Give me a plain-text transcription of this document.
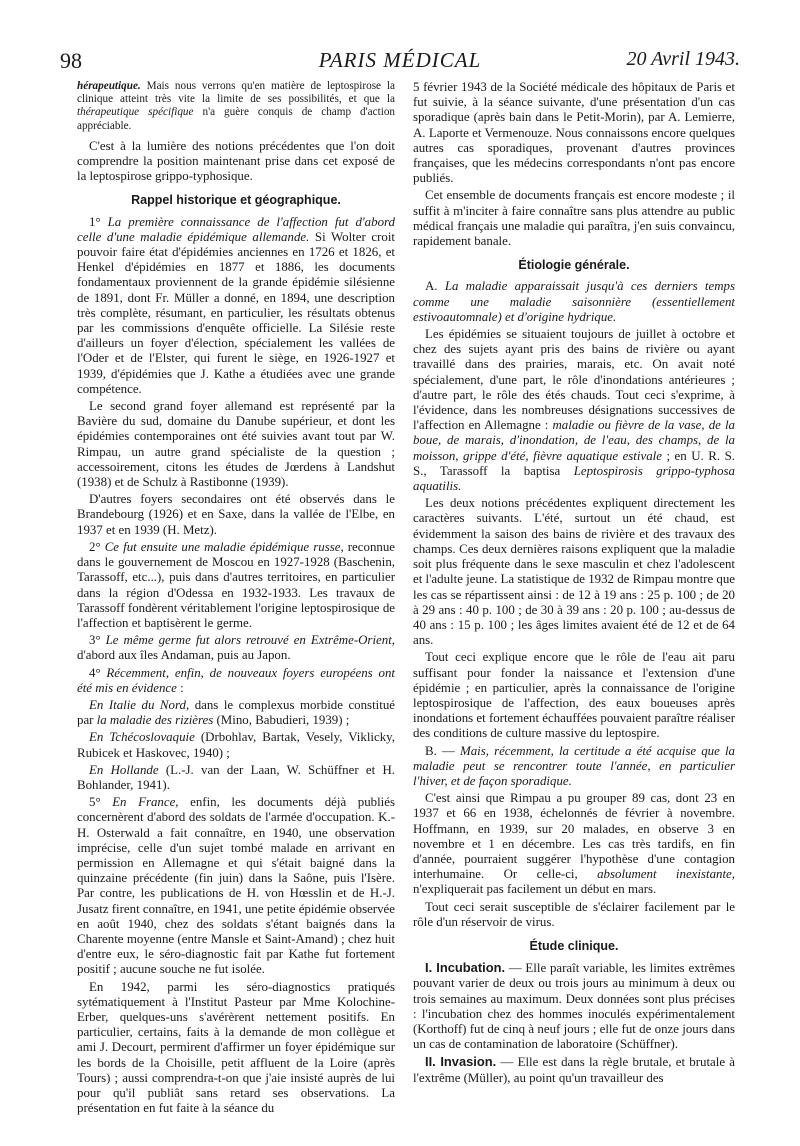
98	PARIS MÉDICAL	20 Avril 1943.

hérapeutique. Mais nous verrons qu'en matière de leptospirose la clinique atteint très vite la limite de ses possibilités, et que la thérapeutique spécifique n'a guère conquis de champ d'action appréciable.

C'est à la lumière des notions précédentes que l'on doit comprendre la position maintenant prise dans cet exposé de la leptospirose grippo-typhosique.

Rappel historique et géographique.

1° La première connaissance de l'affection fut d'abord celle d'une maladie épidémique allemande. Si Wolter croit pouvoir faire état d'épidémies anciennes en 1726 et 1826, et Henkel d'épidémies en 1877 et 1886, les documents fondamentaux proviennent de la grande épidémie silésienne de 1891, dont Fr. Müller a donné, en 1894, une description très complète, résumant, en particulier, les résultats obtenus par les commissions d'enquête officielle. La Silésie reste d'ailleurs un foyer d'élection, spécialement les vallées de l'Oder et de l'Elster, qui furent le siège, en 1926-1927 et 1939, d'épidémies que J. Kathe a étudiées avec une grande compétence.

Le second grand foyer allemand est représenté par la Bavière du sud, domaine du Danube supérieur, et dont les épidémies contemporaines ont été suivies avant tout par W. Rimpau, un autre grand spécialiste de la question ; accessoirement, citons les études de Jœrdens à Landshut (1938) et de Schulz à Rastibonne (1939).

D'autres foyers secondaires ont été observés dans le Brandebourg (1926) et en Saxe, dans la vallée de l'Elbe, en 1937 et en 1939 (H. Metz).

2° Ce fut ensuite une maladie épidémique russe, reconnue dans le gouvernement de Moscou en 1927-1928 (Baschenin, Tarassoff, etc...), puis dans d'autres territoires, en particulier dans la région d'Odessa en 1932-1933. Les travaux de Tarassoff fondèrent véritablement l'origine leptospirosique de l'affection et baptisèrent le germe.

3° Le même germe fut alors retrouvé en Extrême-Orient, d'abord aux îles Andaman, puis au Japon.

4° Récemment, enfin, de nouveaux foyers européens ont été mis en évidence :

En Italie du Nord, dans le complexus morbide constitué par la maladie des rizières (Mino, Babudieri, 1939) ;

En Tchécoslovaquie (Drbohlav, Bartak, Vesely, Viklicky, Rubicek et Haskovec, 1940) ;

En Hollande (L.-J. van der Laan, W. Schüffner et H. Bohlander, 1941).

5° En France, enfin, les documents déjà publiés concernèrent d'abord des soldats de l'armée d'occupation. K.-H. Osterwald a fait connaître, en 1940, une observation imprécise, celle d'un sujet tombé malade en arrivant en permission en Allemagne et qui s'était baigné dans la quinzaine précédente (fin juin) dans la Saône, puis l'Isère. Par contre, les publications de H. von Hœsslin et de H.-J. Jusatz firent connaître, en 1941, une petite épidémie observée en août 1940, chez des soldats s'étant baignés dans la Charente moyenne (entre Mansle et Saint-Amand) ; chez huit d'entre eux, le séro-diagnostic fait par Kathe fut fortement positif ; aucune souche ne fut isolée.

En 1942, parmi les séro-diagnostics pratiqués sytématiquement à l'Institut Pasteur par Mme Kolochine-Erber, quelques-uns s'avérèrent nettement positifs. En particulier, certains, faits à la demande de mon collègue et ami J. Decourt, permirent d'affirmer un foyer épidémique sur les bords de la Choisille, petit affluent de la Loire (après Tours) ; aussi comprendra-t-on que j'aie insisté auprès de lui pour qu'il publiât sans retard ses observations. La présentation en fut faite à la séance du

5 février 1943 de la Société médicale des hôpitaux de Paris et fut suivie, à la séance suivante, d'une présentation d'un cas sporadique (après bain dans le Petit-Morin), par A. Lemierre, A. Laporte et Vermenouze. Nous connaissons encore quelques autres cas sporadiques, provenant d'autres provinces françaises, que les médecins correspondants n'ont pas encore publiés.

Cet ensemble de documents français est encore modeste ; il suffit à m'inciter à faire connaître sans plus attendre au public médical français une maladie qui paraîtra, j'en suis convaincu, rapidement banale.

Étiologie générale.

A. La maladie apparaissait jusqu'à ces derniers temps comme une maladie saisonnière (essentiellement estivoautomnale) et d'origine hydrique.

Les épidémies se situaient toujours de juillet à octobre et chez des sujets ayant pris des bains de rivière ou ayant travaillé dans des prairies, marais, etc. On avait noté spécialement, d'une part, le rôle d'inondations antérieures ; d'autre part, le rôle des étés chauds. Tout ceci s'exprime, à l'évidence, dans les nombreuses désignations successives de l'affection en Allemagne : maladie ou fièvre de la vase, de la boue, de marais, d'inondation, de l'eau, des champs, de la moisson, grippe d'été, fièvre aquatique estivale ; en U. R. S. S., Tarassoff la baptisa Leptospirosis grippo-typhosa aquatilis.

Les deux notions précédentes expliquent directement les caractères suivants. L'été, surtout un été chaud, est évidemment la saison des bains de rivière et des travaux des champs. Ces deux dernières raisons expliquent que la maladie soit plus fréquente dans le sexe masculin et chez l'adolescent et l'adulte jeune. La statistique de 1932 de Rimpau montre que les cas se répartissent ainsi : de 12 à 19 ans : 25 p. 100 ; de 20 à 29 ans : 40 p. 100 ; de 30 à 39 ans : 20 p. 100 ; au-dessus de 40 ans : 15 p. 100 ; les âges limites avaient été de 12 et de 64 ans.

Tout ceci explique encore que le rôle de l'eau ait paru suffisant pour fonder la naissance et l'extension d'une épidémie ; en particulier, après la connaissance de l'origine leptospirosique de l'affection, des eaux boueuses après inondations et fortement échauffées pouvaient paraître réaliser des conditions de culture massive du leptospire.

B. — Mais, récemment, la certitude a été acquise que la maladie peut se rencontrer toute l'année, en particulier l'hiver, et de façon sporadique.

C'est ainsi que Rimpau a pu grouper 89 cas, dont 23 en 1937 et 66 en 1938, échelonnés de février à novembre. Hoffmann, en 1939, sur 20 malades, en observe 3 en novembre et 1 en décembre. Les cas très tardifs, en fin d'année, pourraient suggérer l'hypothèse d'une contagion interhumaine. Or celle-ci, absolument inexistante, n'expliquerait pas facilement un début en mars.

Tout ceci serait susceptible de s'éclairer facilement par le rôle d'un réservoir de virus.

Étude clinique.

I. Incubation. — Elle paraît variable, les limites extrêmes pouvant varier de deux ou trois jours au minimum à deux ou trois semaines au maximum. Deux données sont plus précises : l'incubation chez des hommes inoculés expérimentalement (Korthoff) fut de cinq à neuf jours ; elle fut de onze jours dans un cas de contamination de laboratoire (Schüffner).

II. Invasion. — Elle est dans la règle brutale, et brutale à l'extrême (Müller), au point qu'un travailleur des
